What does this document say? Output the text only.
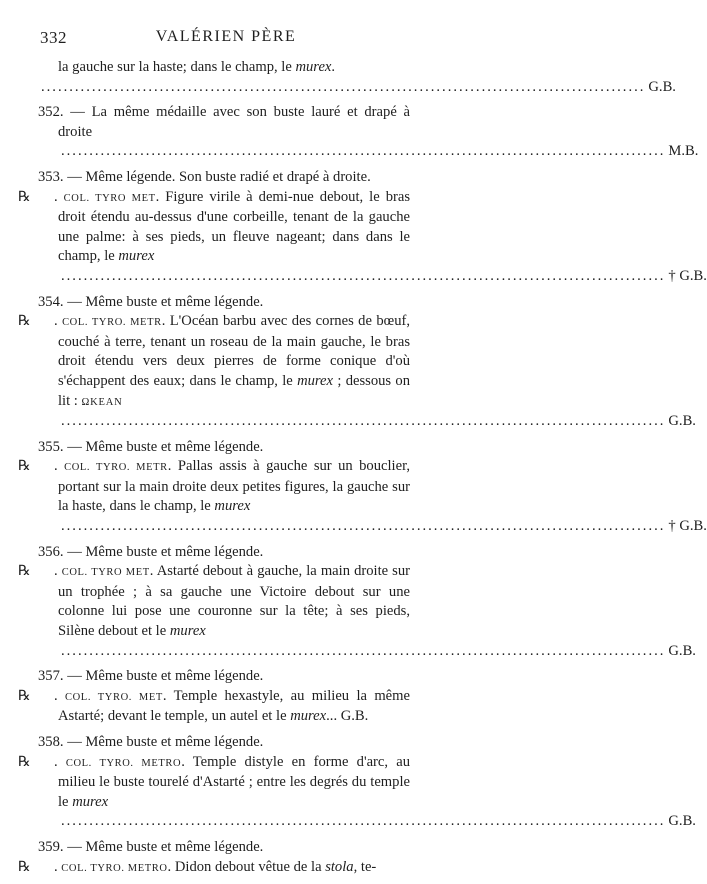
332	VALÉRIEN PÈRE
la gauche sur la haste; dans le champ, le murex.
........................................................................................................... G.B.
352. — La même médaille avec son buste lauré et drapé à droite
........................................................................................................... M.B.
353. — Même légende. Son buste radié et drapé à droite.
℞ . COL. TYRO MET. Figure virile à demi-nue debout, le bras droit étendu au-dessus d'une corbeille, tenant de la gauche une palme: à ses pieds, un fleuve nageant; dans dans le champ, le murex
........................................................................................................... † G.B.
354. — Même buste et même légende.
℞ . COL. TYRO. METR. L'Océan barbu avec des cornes de bœuf, couché à terre, tenant un roseau de la main gauche, le bras droit étendu vers deux pierres de forme conique d'où s'échappent des eaux; dans le champ, le murex ; dessous on lit : ΩKEAN
........................................................................................................... G.B.
355. — Même buste et même légende.
℞ . COL. TYRO. METR. Pallas assis à gauche sur un bouclier, portant sur la main droite deux petites figures, la gauche sur la haste, dans le champ, le murex
........................................................................................................... † G.B.
356. — Même buste et même légende.
℞ . COL. TYRO MET. Astarté debout à gauche, la main droite sur un trophée ; à sa gauche une Victoire debout sur une colonne lui pose une couronne sur la tête; à ses pieds, Silène debout et le murex
........................................................................................................... G.B.
357. — Même buste et même légende.
℞ . COL. TYRO. MET. Temple hexastyle, au milieu la même Astarté; devant le temple, un autel et le murex... G.B.
358. — Même buste et même légende.
℞ . COL. TYRO. METRO. Temple distyle en forme d'arc, au milieu le buste tourelé d'Astarté ; entre les degrés du temple le murex
........................................................................................................... G.B.
359. — Même buste et même légende.
℞ . COL. TYRO. METRO. Didon debout vêtue de la stola, te-
